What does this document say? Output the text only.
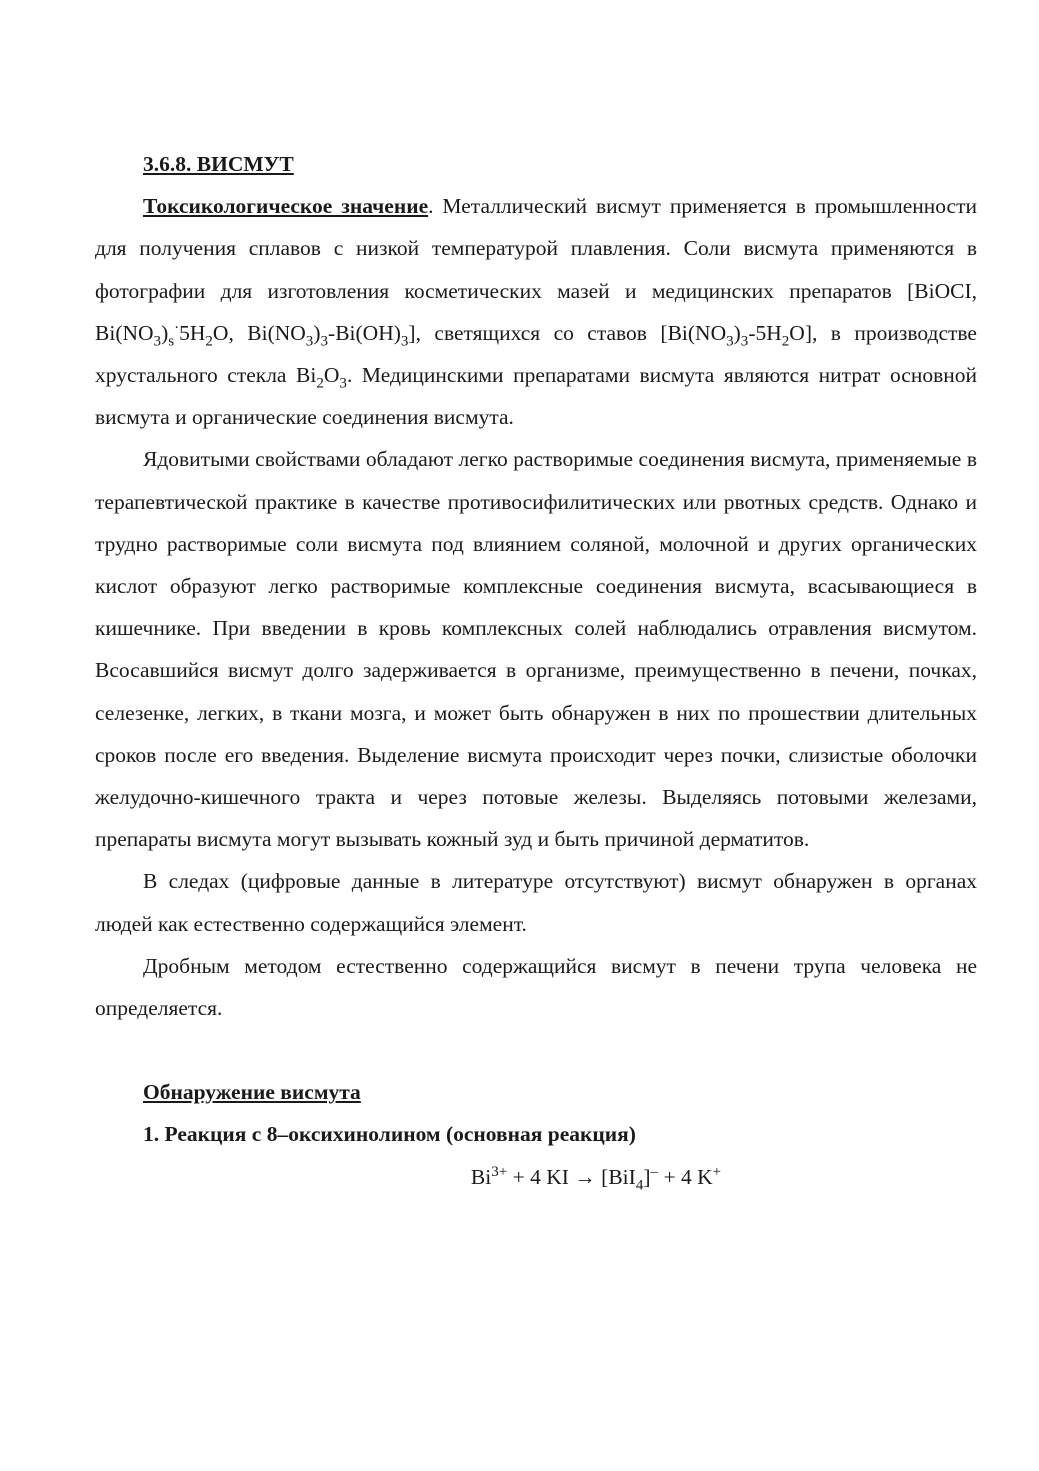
3.6.8. ВИСМУТ

Токсикологическое значение. Металлический висмут применяется в промышленности для получения сплавов с низкой температурой плавления. Соли висмута применяются в фотографии для изготовления косметических мазей и медицинских препаратов [BiOCI, $Bi(NO_3)_s^\cdot 5H_2O$, $Bi(NO_3)_3-Bi(OH)_3$], светящихся со ставов $[Bi(NO_3)_3-5H_2O]$, в производстве хрустального стекла $Bi_2O_3$. Медицинскими препаратами висмута являются нитрат основной висмута и органические соединения висмута.

Ядовитыми свойствами обладают легко растворимые соединения висмута, применяемые в терапевтической практике в качестве противосифилитических или рвотных средств. Однако и трудно растворимые соли висмута под влиянием соляной, молочной и других органических кислот образуют легко растворимые комплексные соединения висмута, всасывающиеся в кишечнике. При введении в кровь комплексных солей наблюдались отравления висмутом. Всосавшийся висмут долго задерживается в организме, преимущественно в печени, почках, селезенке, легких, в ткани мозга, и может быть обнаружен в них по прошествии длительных сроков после его введения. Выделение висмута происходит через почки, слизистые оболочки желудочно-кишечного тракта и через потовые железы. Выделяясь потовыми железами, препараты висмута могут вызывать кожный зуд и быть причиной дерматитов.

В следах (цифровые данные в литературе отсутствуют) висмут обнаружен в органах людей как естественно содержащийся элемент.

Дробным методом естественно содержащийся висмут в печени трупа человека не определяется.

Обнаружение висмута
1. Реакция с 8–оксихинолином (основная реакция)
$Bi^{3+} + 4$ KI → [BiI$_4$]– + 4 K+
